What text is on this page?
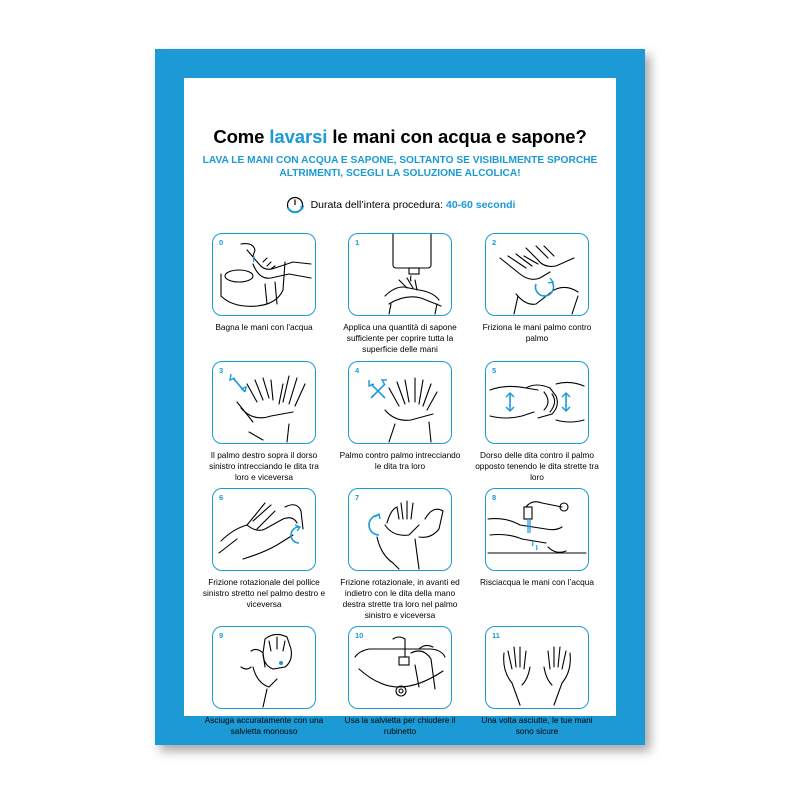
Come lavarsi le mani con acqua e sapone?
LAVA LE MANI CON ACQUA E SAPONE, SOLTANTO SE VISIBILMENTE SPORCHE
ALTRIMENTI, SCEGLI LA SOLUZIONE ALCOLICA!
Durata dell’intera procedura: 40-60 secondi
0
Bagna le mani con l’acqua
1
Applica una quantità di sapone sufficiente per coprire tutta la superficie delle mani
2
Friziona le mani palmo contro palmo
3
Il palmo destro sopra il dorso sinistro intrecciando le dita tra loro e viceversa
4
Palmo contro palmo intrecciando le dita tra loro
5
Dorso delle dita contro il palmo opposto tenendo le dita strette tra loro
6
Frizione rotazionale del pollice sinistro stretto nel palmo destro e viceversa
7
Frizione rotazionale, in avanti ed indietro con le dita della mano destra strette tra loro nel palmo sinistro e viceversa
8
Risciacqua le mani con l’acqua
9
Asciuga accuratamente con una salvietta monouso
10
Usa la salvietta per chiudere il rubinetto
11
Una volta asciutte, le tue mani sono sicure
